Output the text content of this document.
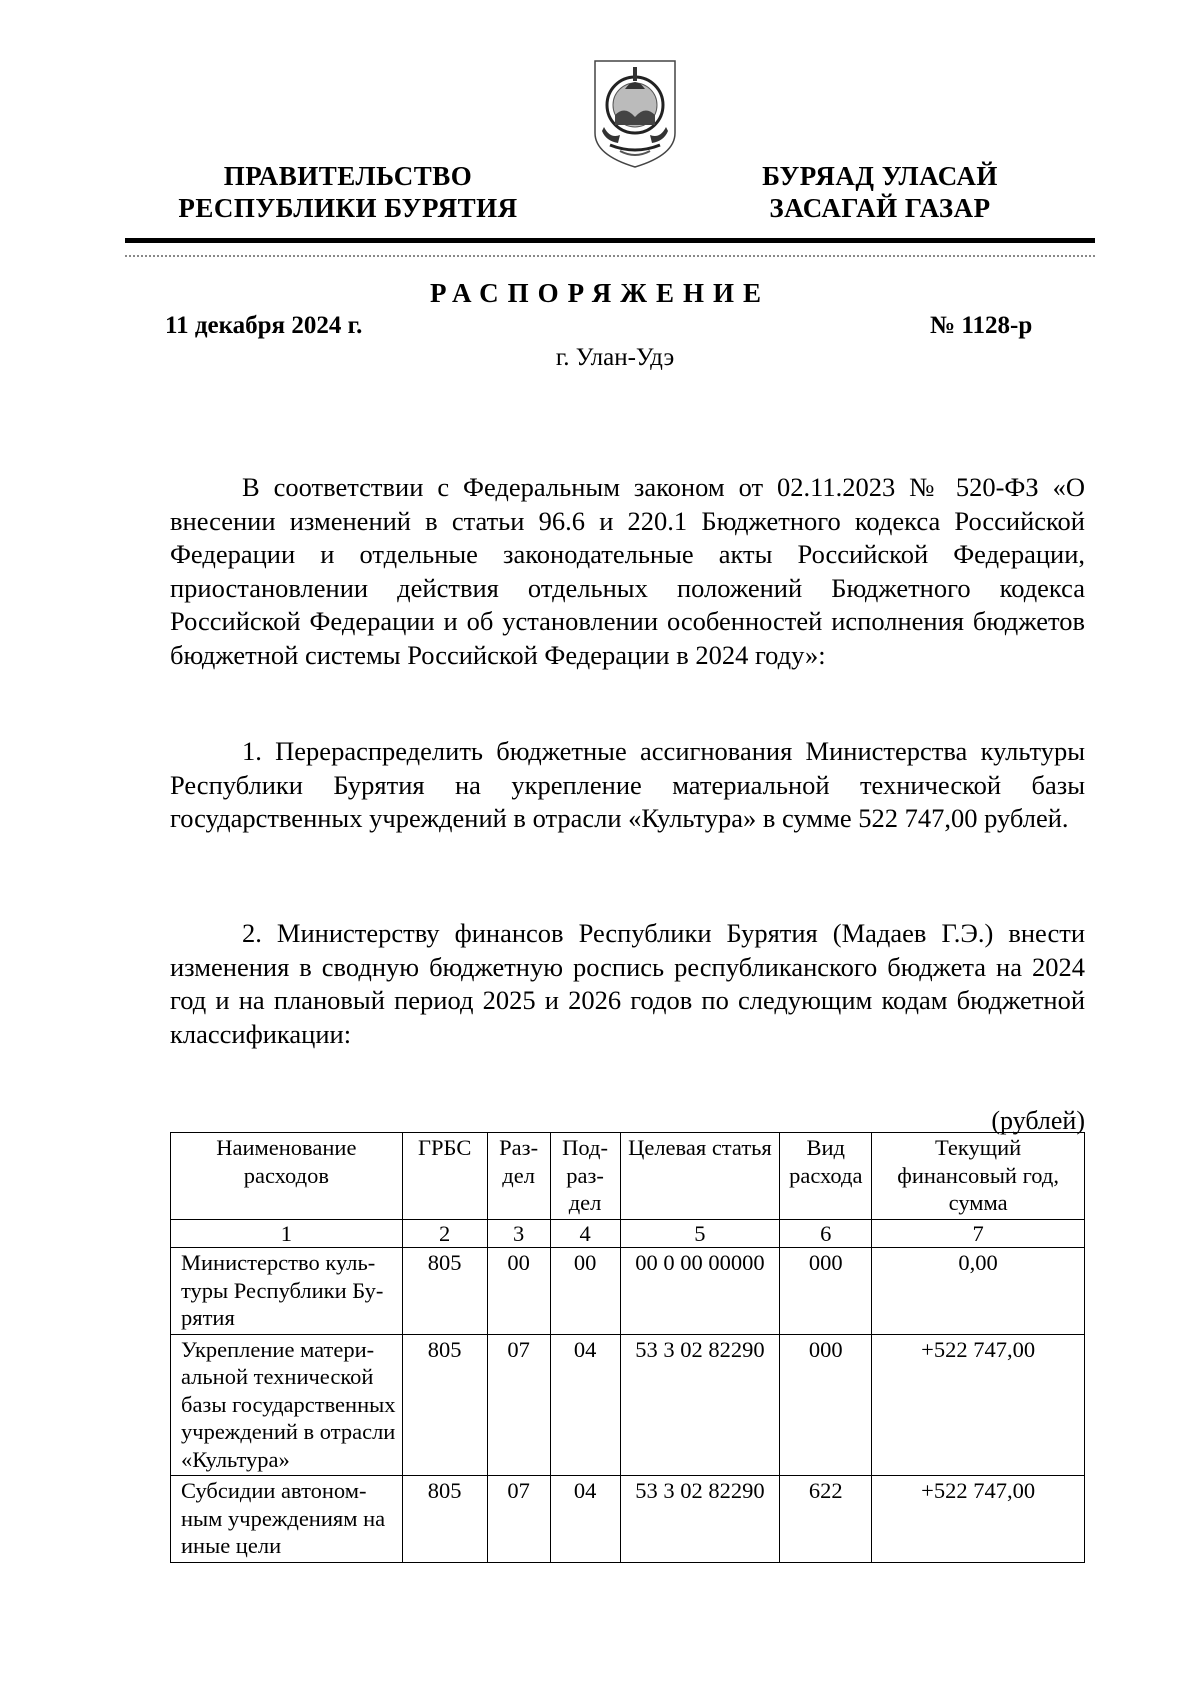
ПРАВИТЕЛЬСТВО
РЕСПУБЛИКИ БУРЯТИЯ
БУРЯАД УЛАСАЙ
ЗАСАГАЙ ГАЗАР
РАСПОРЯЖЕНИЕ
11 декабря 2024 г.	№ 1128-р
г. Улан-Удэ

В соответствии с Федеральным законом от 02.11.2023 № 520-ФЗ «О внесении изменений в статьи 96.6 и 220.1 Бюджетного кодекса Российской Федерации и отдельные законодательные акты Российской Федерации, приостановлении действия отдельных положений Бюджетного кодекса Российской Федерации и об установлении особенностей исполнения бюджетов бюджетной системы Российской Федерации в 2024 году»:

1. Перераспределить бюджетные ассигнования Министерства культуры Республики Бурятия на укрепление материальной технической базы государственных учреждений в отрасли «Культура» в сумме 522 747,00 рублей.

2. Министерству финансов Республики Бурятия (Мадаев Г.Э.) внести изменения в сводную бюджетную роспись республиканского бюджета на 2024 год и на плановый период 2025 и 2026 годов по следующим кодам бюджетной классификации:

(рублей)
Наименование расходов	ГРБС	Раздел	Подраздел	Целевая статья	Вид расхода	Текущий финансовый год, сумма
1	2	3	4	5	6	7
Министерство культуры Республики Бурятия	805	00	00	00 0 00 00000	000	0,00
Укрепление материальной технической базы государственных учреждений в отрасли «Культура»	805	07	04	53 3 02 82290	000	+522 747,00
Субсидии автономным учреждениям на иные цели	805	07	04	53 3 02 82290	622	+522 747,00
